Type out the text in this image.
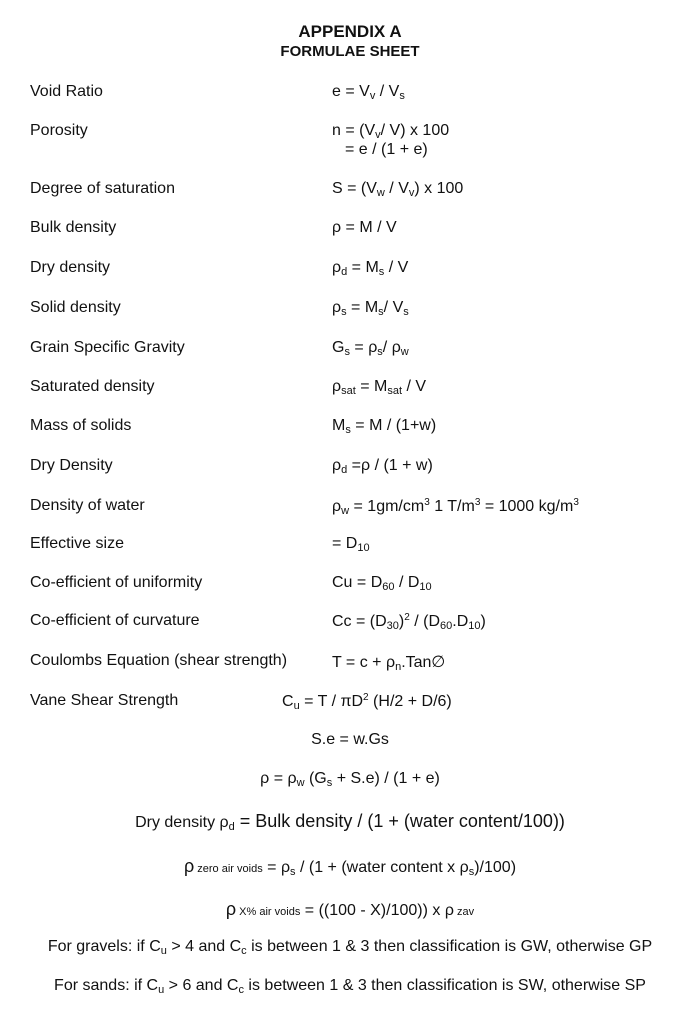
APPENDIX A
FORMULAE SHEET
Void Ratio	$e = V_v / V_s$
Porosity	$n = (V_v/$ V) x 100
= e / (1 + e)
Degree of saturation	$S = (V_w / V_v)$ x 100
Bulk density	ρ = M / V
Dry density	$\rho_d = M_s / V$
Solid density	$\rho_s = M_s/$ $V_s$
Grain Specific Gravity	$G_s = \rho_s/$ $\rho_w$
Saturated density	$\rho_{sat} = M_{sat} / V$
Mass of solids	$M_s = M / (1+w)$
Dry Density	$\rho_d =\rho / (1 + w)$
Density of water	$\rho_w = 1gm/cm^3$ 1 $T/m^3 = 1000$ $kg/m^3$
Effective size	= $D_{10}$
Co-efficient of uniformity	$Cu = D_{60} / D_{10}$
Co-efficient of curvature	$Cc = (D_{30})^2 / (D_{60}.D_{10})$
Coulombs Equation (shear strength)	$T = c + \rho_n.Tan\emptyset$
Vane Shear Strength	$C_u = T / \pi D^2$ (H/2 + D/6)
S.e = w.Gs
$\rho = \rho_w$ $(G_s + S.e) / (1 + e)$
Dry density $\rho_d$ = Bulk density / (1 + (water content/100))
ρ zero air voids = $\rho_s / (1$ + (water content x $\rho_s)/100$)
ρ X% air voids = ((100 - X)/100)) x ρ zav
For gravels: if $C_u > 4$ and $C_c$ is between 1 & 3 then classification is GW, otherwise GP
For sands: if $C_u > 6$ and $C_c$ is between 1 & 3 then classification is SW, otherwise SP
